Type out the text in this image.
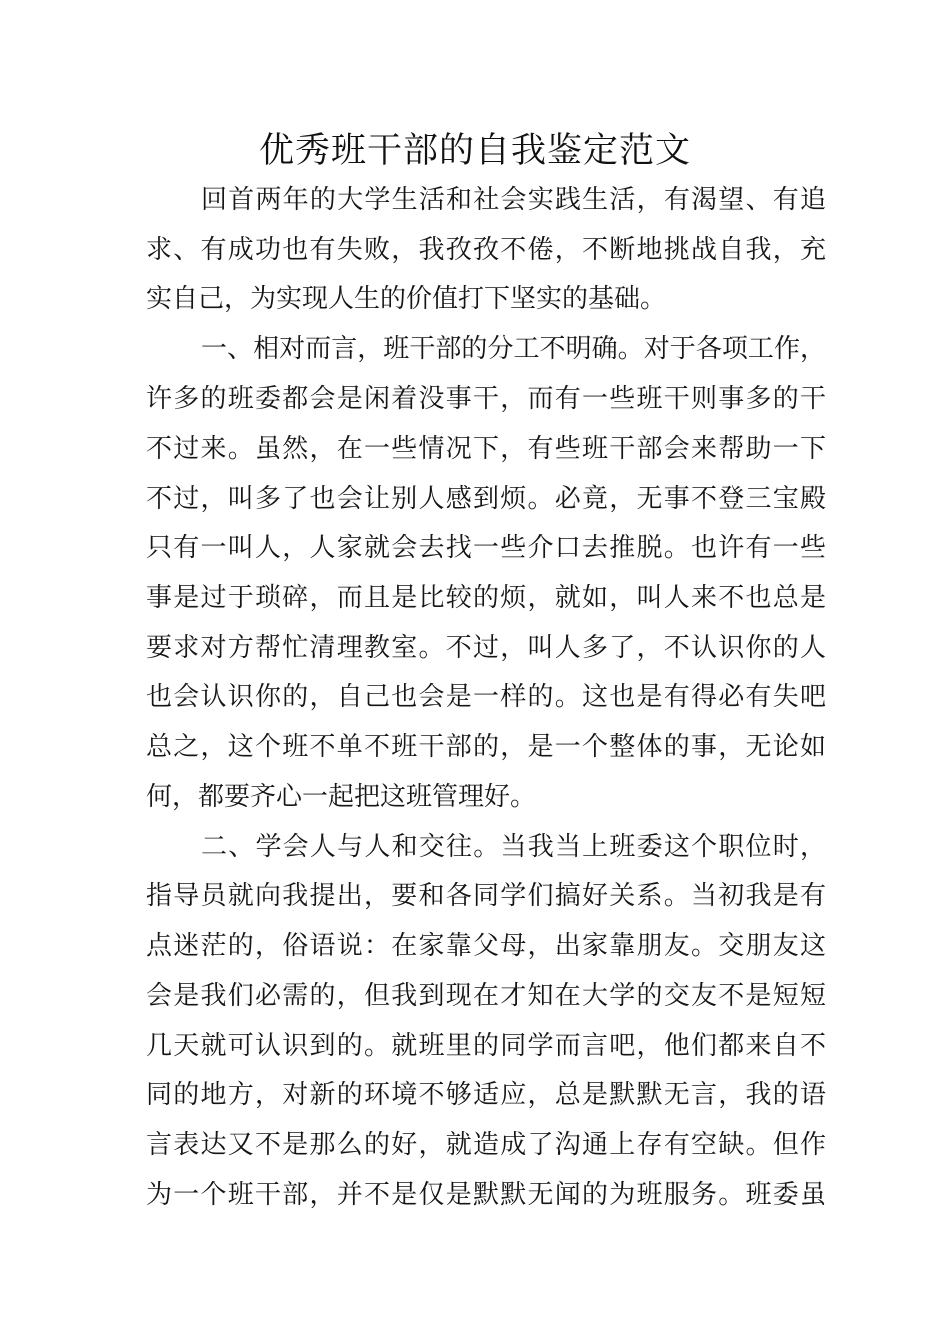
优秀班干部的自我鉴定范文
回首两年的大学生活和社会实践生活，有渴望、有追
求、有成功也有失败，我孜孜不倦，不断地挑战自我，充
实自己，为实现人生的价值打下坚实的基础。
一、相对而言，班干部的分工不明确。对于各项工作，
许多的班委都会是闲着没事干，而有一些班干则事多的干
不过来。虽然，在一些情况下，有些班干部会来帮助一下
不过，叫多了也会让别人感到烦。必竟，无事不登三宝殿
只有一叫人，人家就会去找一些介口去推脱。也许有一些
事是过于琐碎，而且是比较的烦，就如，叫人来不也总是
要求对方帮忙清理教室。不过，叫人多了，不认识你的人
也会认识你的，自己也会是一样的。这也是有得必有失吧
总之，这个班不单不班干部的，是一个整体的事，无论如
何，都要齐心一起把这班管理好。
二、学会人与人和交往。当我当上班委这个职位时，
指导员就向我提出，要和各同学们搞好关系。当初我是有
点迷茫的，俗语说：在家靠父母，出家靠朋友。交朋友这
会是我们必需的，但我到现在才知在大学的交友不是短短
几天就可认识到的。就班里的同学而言吧，他们都来自不
同的地方，对新的环境不够适应，总是默默无言，我的语
言表达又不是那么的好，就造成了沟通上存有空缺。但作
为一个班干部，并不是仅是默默无闻的为班服务。班委虽
